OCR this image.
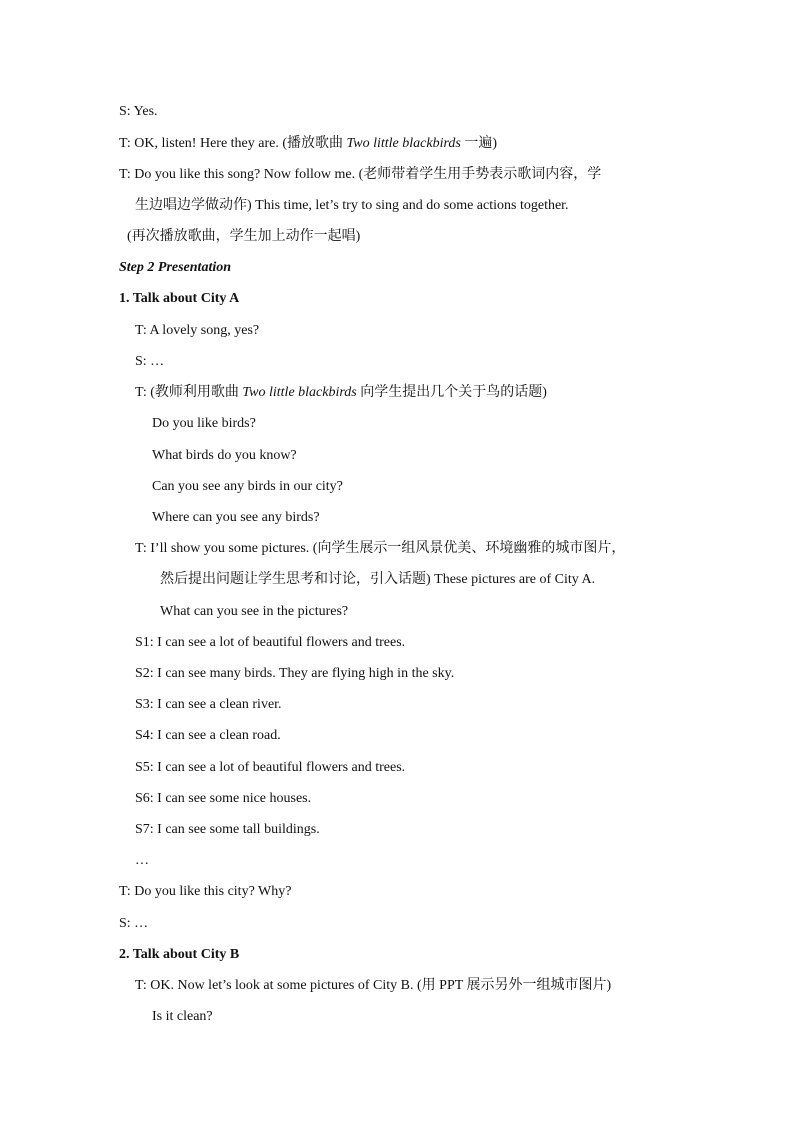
S: Yes.
T: OK, listen! Here they are. (播放歌曲 Two little blackbirds 一遍)
T: Do you like this song? Now follow me. (老师带着学生用手势表示歌词内容，学
生边唱边学做动作) This time, let’s try to sing and do some actions together.
(再次播放歌曲，学生加上动作一起唱)
Step 2 Presentation
1. Talk about City A
T: A lovely song, yes?
S: …
T: (教师利用歌曲 Two little blackbirds 向学生提出几个关于鸟的话题)
Do you like birds?
What birds do you know?
Can you see any birds in our city?
Where can you see any birds?
T: I’ll show you some pictures. (向学生展示一组风景优美、环境幽雅的城市图片，
然后提出问题让学生思考和讨论，引入话题) These pictures are of City A.
What can you see in the pictures?
S1: I can see a lot of beautiful flowers and trees.
S2: I can see many birds. They are flying high in the sky.
S3: I can see a clean river.
S4: I can see a clean road.
S5: I can see a lot of beautiful flowers and trees.
S6: I can see some nice houses.
S7: I can see some tall buildings.
…
T: Do you like this city? Why?
S: …
2. Talk about City B
T: OK. Now let’s look at some pictures of City B. (用 PPT 展示另外一组城市图片)
Is it clean?
